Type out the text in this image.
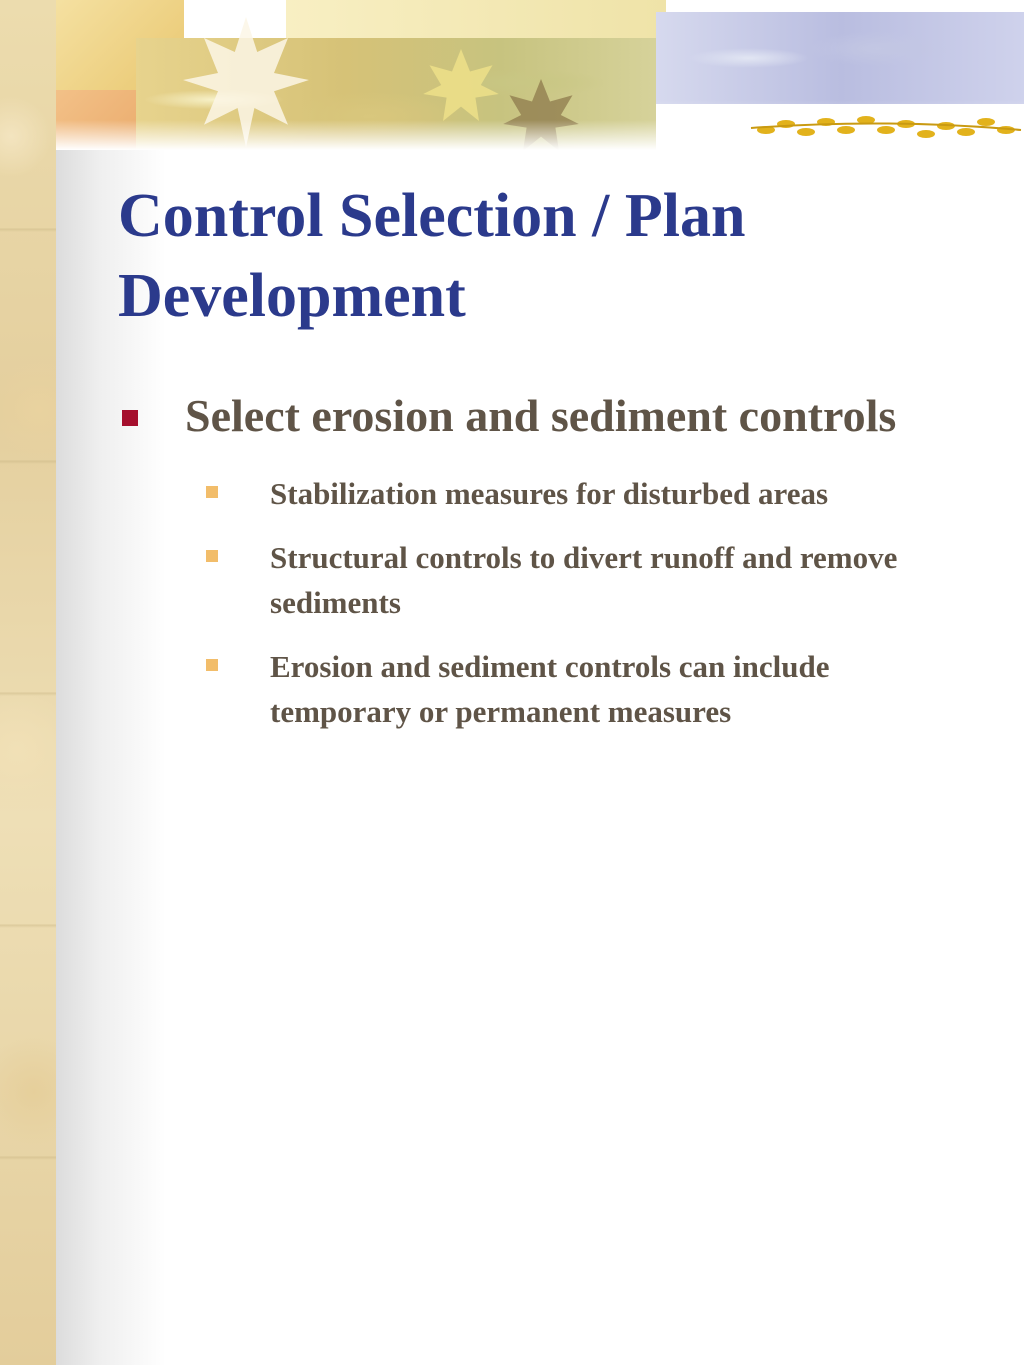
Control Selection / Plan Development
Select erosion and sediment controls
Stabilization measures for disturbed areas
Structural controls to divert runoff and remove sediments
Erosion and sediment controls can include temporary or permanent measures
